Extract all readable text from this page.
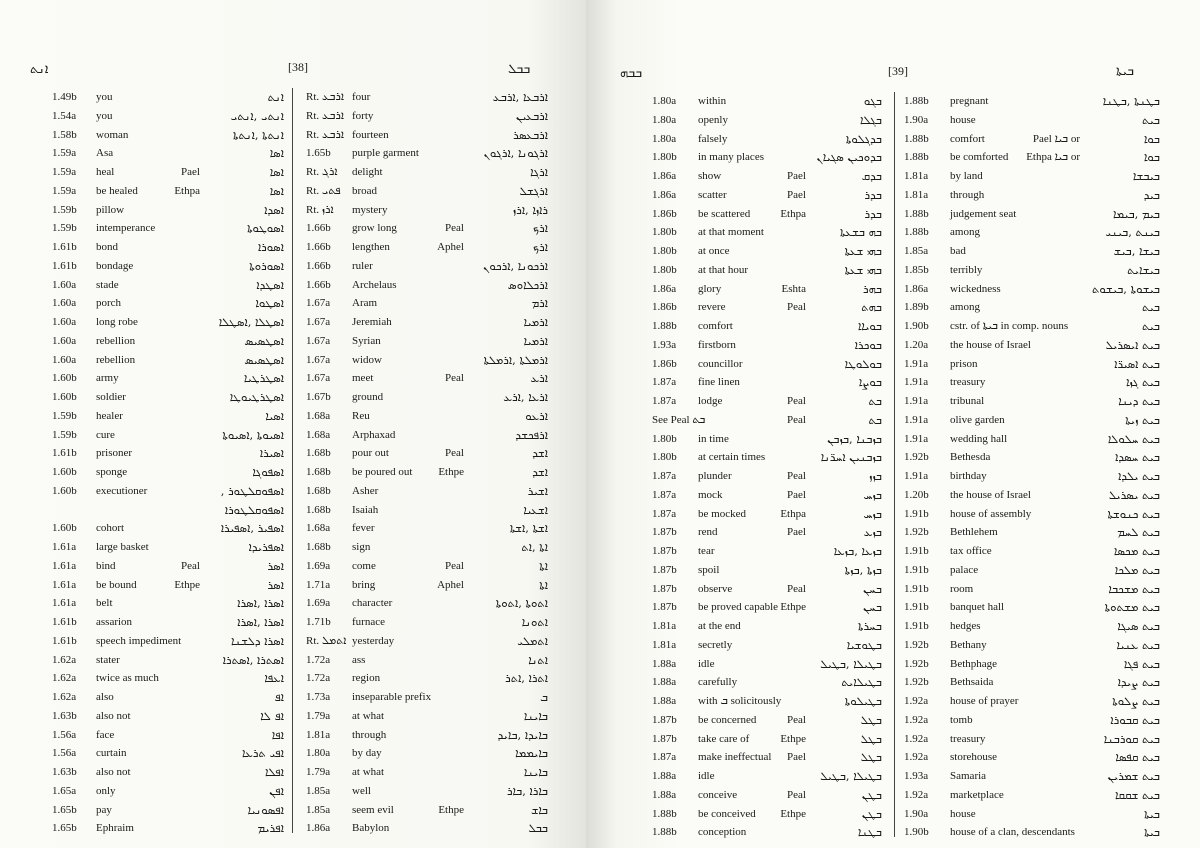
ܐܢܬ	[38]	ܒܒܠ
1.49b you	ܐܢܬ
1.54a you	ܐܢܬܝ ,ܐܢܬܝ
1.58b woman	ܐܢܬܬܐ ,ܐܢܬܬܐ
1.59a Asa	ܐܣܐ
1.59a heal	Pael	ܐܣܐ
1.59a be healed	Ethpa	ܐܣܐ
1.59b pillow	ܐܣܕܐ
1.59b intemperance	ܐܣܘܛܘܬܐ
1.61b bond	ܐܣܘܪܐ
1.61b bondage	ܐܣܘܪܘܬܐ
1.60a stade	ܐܣܛܕܐ
1.60a porch	ܐܣܛܘܐ
1.60a long robe	ܐܣܛܠܐ ,ܐܣܛܠܐ
1.60a rebellion	ܐܣܛܣܝܣ
1.60a rebellion	ܐܣܛܣܝܣ
1.60b army	ܐܣܛܪܛܝܐ
1.60b soldier	ܐܣܛܪܛܝܘܛܐ
1.59b healer	ܐܣܝܐ
1.59b cure	ܐܣܝܘܬܐ ,ܐܣܝܘܬܐ
1.61b prisoner	ܐܣܝܪܐ
1.60b sponge	ܐܣܦܘܓܐ
1.60b executioner	ܐܣܦܘܩܠܛܘܪ ,
ܐܣܦܘܩܠܛܘܪܐ
1.60b cohort	ܐܣܦܝܪ ,ܐܣܦܝܪܐ
1.61a large basket	ܐܣܦܪܝܕܐ
1.61a bind	Peal	ܐܣܪ
1.61a be bound	Ethpe	ܐܣܪ
1.61a belt	ܐܣܪܐ ,ܐܣܪܐ
1.61b assarion	ܐܣܪܐ ,ܐܣܪܐ
1.61b speech impediment	ܐܣܪܐ ܕܠܫܢܐ
1.62a stater	ܐܣܬܪܐ ,ܐܣܬܪܐ
1.62a twice as much	ܐܥܦܐ
1.62a also	ܐܦ
1.63b also not	ܐܦ ܠܐ
1.56a face	ܐܦܐ
1.56a curtain	ܐܦܝ ܬܪܥܐ
1.63b also not	ܐܦܠܐ
1.65a only	ܐܦܢ
1.65b pay	ܐܦܣܘܢܝܐ
1.65b Ephraim	ܐܦܪܝܡ
Rt. ܐܪܒܥ four	ܐܪܒܥܐ ,ܐܪܒܥ
Rt. ܐܪܒܥ forty	ܐܪܒܥܝܢ
Rt. ܐܪܒܥ fourteen	ܐܪܒܥܣܪ
1.65b purple garment	ܐܪܓܘܢܐ ,ܐܪܓܘܢ
Rt. ܐܪܓ delight	ܐܪܓܐ
Rt. ܦܬܝ broad	ܐܪܓܫܠ
Rt. ܐܪܙ mystery	ܪܐܙܐ ,ܐܪܙ
1.66b grow long	Peal	ܐܪܟ
1.66b lengthen	Aphel	ܐܪܟ
1.66b ruler	ܐܪܟܘܢܐ ,ܐܪܟܘܢ
1.66b Archelaus	ܐܪܟܠܐܘܣ
1.67a Aram	ܐܪܡ
1.67a Jeremiah	ܐܪܡܝܐ
1.67a Syrian	ܐܪܡܝܐ
1.67a widow	ܐܪܡܠܬܐ ,ܐܪܡܠܬܐ
1.67a meet	Peal	ܐܪܥ
1.67b ground	ܐܪܥܐ ,ܐܪܥ
1.68a Reu	ܐܪܥܘ
1.68a Arphaxad	ܐܪܦܟܫܕ
1.68b pour out	Peal	ܐܫܕ
1.68b be poured out Ethpe	ܐܫܕ
1.68b Asher	ܐܫܝܪ
1.68b Isaiah	ܐܫܥܝܐ
1.68a fever	ܐܫܬܐ ,ܐܫܬܐ
1.68b sign	ܐܬܐ ,ܐܬ
1.69a come	Peal	ܐܬܐ
1.71a bring	Aphel	ܐܬܐ
1.69a character	ܐܬܘܬܐ ,ܐܬܘܬܐ
1.71b furnace	ܐܬܘܢܐ
Rt. ܐܬܡܠ yesterday	ܐܬܡܠܝ
1.72a ass	ܐܬܢܐ
1.72a region	ܐܬܪܐ ,ܐܬܪ
1.73a inseparable prefix	ܒ
1.79a at what	ܒܐܝܢܐ
1.81a through	ܒܐܝܕܐ ,ܒܐܝܕ
1.80a by day	ܒܐܝܡܡܐ
1.79a at what	ܒܐܝܢܐ
1.85a well	ܒܐܪܐ ,ܒܐܪ
1.85a seem evil	Ethpe	ܒܐܫ
1.86a Babylon	ܒܒܠ
ܒܒܗ	[39]	ܒܝܬܐ
1.80a within	ܒܓܘ
1.80a openly	ܒܓܠܐ
1.80a falsely	ܒܕܓܠܘܬܐ
1.80b in many places	ܒܕܘܟܝܢ ܣܓܝܐܢ
1.86a show	Pael	ܒܕܩ
1.86a scatter	Pael	ܒܕܪ
1.86b be scattered	Ethpa	ܒܕܪ
1.80b at that moment	ܒܗ ܒܫܥܬܐ
1.80b at once	ܒܗܝ ܫܥܬܐ
1.80b at that hour	ܒܗܝ ܫܥܬܐ
1.86a glory	Eshta	ܒܗܪ
1.86b revere	Peal	ܒܗܬ
1.88b comfort	ܒܘܝܐܐ
1.93a firstborn	ܒܘܟܪܐ
1.86b councillor	ܒܘܠܘܛܐ
1.87a fine linen	ܒܘܨܐ
1.87a lodge	Peal	ܒܬ
See Peal ܒܬ	Peal	ܒܬ
1.80b in time	ܒܙܒܢܐ ,ܒܙܒܢ
1.80b at certain times	ܒܙܒܢܝܢ ܐܚܪ̈ܢܐ
1.87a plunder	Peal	ܒܙܙ
1.87a mock	Pael	ܒܙܚ
1.87a be mocked	Ethpa	ܒܙܚ
1.87b rend	Pael	ܒܙܥ
1.87b tear	ܒܙܥܐ ,ܒܙܥܐ
1.87b spoil	ܒܙܬܐ ,ܒܙܬܐ
1.87b observe	Peal	ܒܚܢ
1.87b be proved capable Ethpe	ܒܚܢ
1.81a at the end	ܒܚܪܬܐ
1.81a secretly	ܒܛܘܫܝܐ
1.88a idle	ܒܛܝܠܐ ,ܒܛܝܠ
1.88a carefully	ܒܛܝܠܐܝܬ
1.88a with ܒ solicitously	ܒܛܝܠܘܬܐ
1.87b be concerned	Peal	ܒܛܠ
1.87b take care of	Ethpe	ܒܛܠ
1.87a make ineffectual Pael	ܒܛܠ
1.88a idle	ܒܛܝܠܐ ,ܒܛܝܠ
1.88a conceive	Peal	ܒܛܢ
1.88b be conceived Ethpe	ܒܛܢ
1.88b conception	ܒܛܢܐ
1.88b pregnant	ܒܛܢܬܐ ,ܒܛܢܐ
1.90a house	ܒܝܬ
1.88b comfort	Pael ܒܝܐ or	ܒܘܐ
1.88b be comforted Ethpa ܒܝܐ or	ܒܘܐ
1.81a by land	ܒܝܒܫܐ
1.81a through	ܒܝܕ
1.88b judgement seat	ܒܝܡ ,ܒܝܡܐ
1.88b among	ܒܝܢܬ ,ܒܝܢܝ
1.85a bad	ܒܝܫܐ ,ܒܝܫ
1.85b terribly	ܒܝܫܐܝܬ
1.86a wickedness	ܒܝܫܘܬܐ ,ܒܝܫܘܬ
1.89b among	ܒܝܬ
1.90b cstr. of ܒܝܬܐ in comp. nouns	ܒܝܬ
1.20a the house of Israel	ܒܝܬ ܐܝܣܪܝܠ
1.91a prison	ܒܝܬ ܐܣܝܪ̈ܐ
1.91a treasury	ܒܝܬ ܓܙܐ
1.91a tribunal	ܒܝܬ ܕܝܢܐ
1.91a olive garden	ܒܝܬ ܙܝܬܐ
1.91a wedding hall	ܒܝܬ ܚܠܘܠܐ
1.92b Bethesda	ܒܝܬ ܚܣܕܐ
1.91a birthday	ܒܝܬ ܝܠܕܐ
1.20b the house of Israel	ܒܝܬ ܝܣܪܝܠ
1.91b house of assembly	ܒܝܬ ܟܢܘܫܬܐ
1.92b Bethlehem	ܒܝܬ ܠܚܡ
1.91b tax office	ܒܝܬ ܡܟܣܐ
1.91b palace	ܒܝܬ ܡܠܟܐ
1.91b room	ܒܝܬ ܡܫܟܒܐ
1.91b banquet hall	ܒܝܬ ܡܫܬܘܬܐ
1.91b hedges	ܒܝܬ ܣܝܓܐ
1.92b Bethany	ܒܝܬ ܥܢܝܐ
1.92b Bethphage	ܒܝܬ ܦܓܐ
1.92b Bethsaida	ܒܝܬ ܨܝܕܐ
1.92a house of prayer	ܒܝܬ ܨܠܘܬܐ
1.92a tomb	ܒܝܬ ܩܒܘܪܐ
1.92a treasury	ܒܝܬ ܩܘܪܒܢܐ
1.92a storehouse	ܒܝܬ ܩܦܣܐ
1.93a Samaria	ܒܝܬ ܫܡܪܝܢ
1.92a marketplace	ܒܝܬ ܫܩܩܐ
1.90a house	ܒܝܬܐ
1.90b house of a clan, descendants	ܒܝܬܐ
